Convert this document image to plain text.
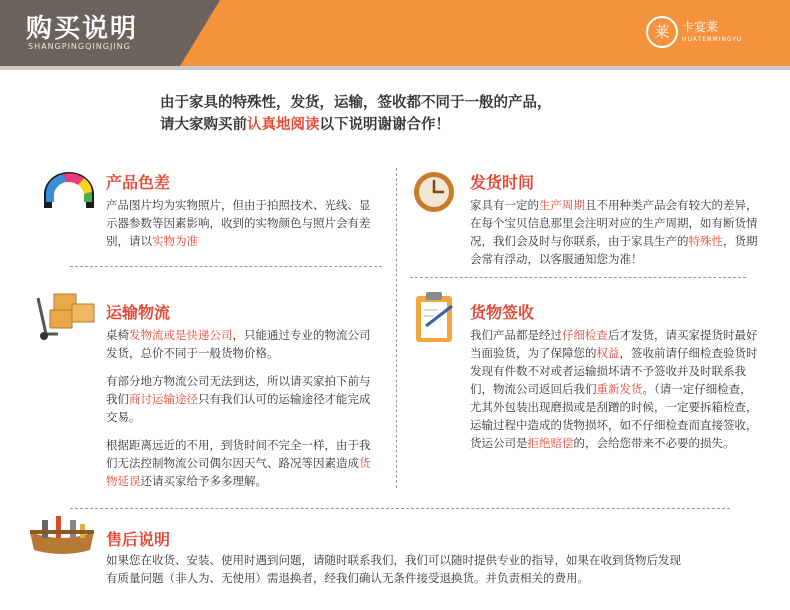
购买说明
SHANGPINGQINGJING
莱	卡宴莱
HUATENMINGYU
由于家具的特殊性，发货，运输，签收都不同于一般的产品，
请大家购买前认真地阅读以下说明谢谢合作！
产品色差
产品图片均为实物照片，但由于拍照技术、光线、显示器参数等因素影响，收到的实物颜色与照片会有差别，请以实物为准
发货时间
家具有一定的生产周期且不用种类产品会有较大的差异，在每个宝贝信息那里会注明对应的生产周期，如有断货情况，我们会及时与你联系，由于家具生产的特殊性，货期会常有浮动，以客服通知您为准！
运输物流

桌椅发物流或是快递公司，只能通过专业的物流公司发货，总价不同于一般货物价格。

有部分地方物流公司无法到达，所以请买家拍下前与我们商讨运输途径只有我们认可的运输途径才能完成交易。

根据距离远近的不用，到货时间不完全一样，由于我们无法控制物流公司偶尔因天气、路况等因素造成货物延误还请买家给予多多理解。

货物签收
我们产品都是经过仔细检查后才发货，请买家提货时最好当面验货，为了保障您的权益，签收前请仔细检查验货时发现有件数不对或者运输损坏请不予签收并及时联系我们，物流公司返回后我们重新发货。（请一定仔细检查，尤其外包装出现磨损或是刮蹭的时候，一定要拆箱检查，运输过程中造成的货物损坏，如不仔细检查而直接签收，货运公司是拒绝赔偿的，会给您带来不必要的损失。
售后说明
如果您在收货、安装、使用时遇到问题，请随时联系我们，我们可以随时提供专业的指导，如果在收到货物后发现
有质量问题（非人为、无使用）需退换者，经我们确认无条件接受退换货。并负责相关的费用。
